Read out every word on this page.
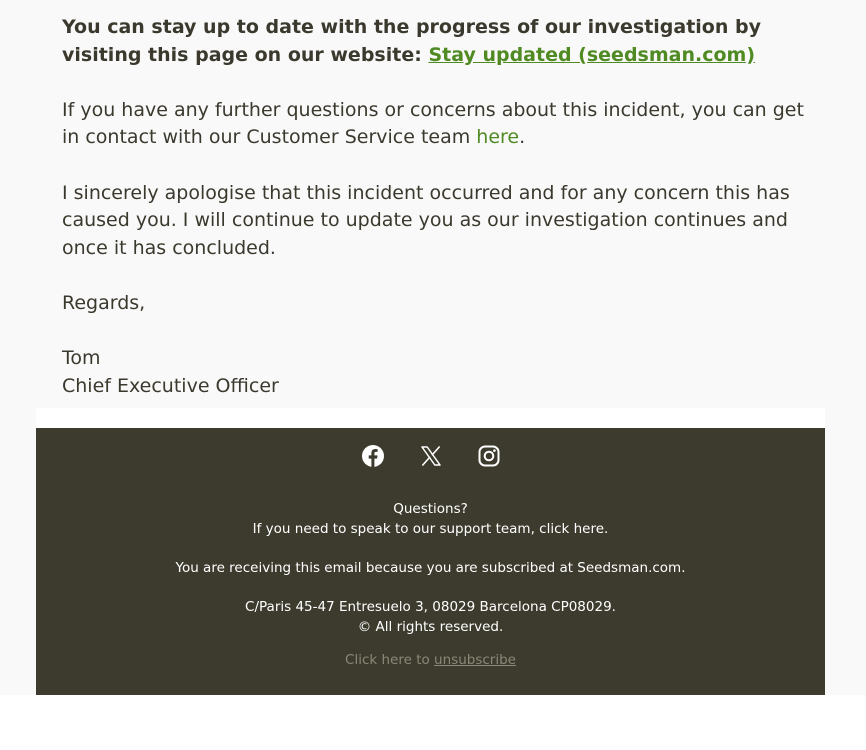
You can stay up to date with the progress of our investigation by visiting this page on our website: Stay updated (seedsman.com)

If you have any further questions or concerns about this incident, you can get in contact with our Customer Service team here.

I sincerely apologise that this incident occurred and for any concern this has caused you. I will continue to update you as our investigation continues and once it has concluded.

Regards,

Tom

Chief Executive Officer

Questions?
If you need to speak to our support team, click here.
You are receiving this email because you are subscribed at Seedsman.com.
C/Paris 45-47 Entresuelo 3, 08029 Barcelona CP08029.
© All rights reserved.
Click here to unsubscribe
